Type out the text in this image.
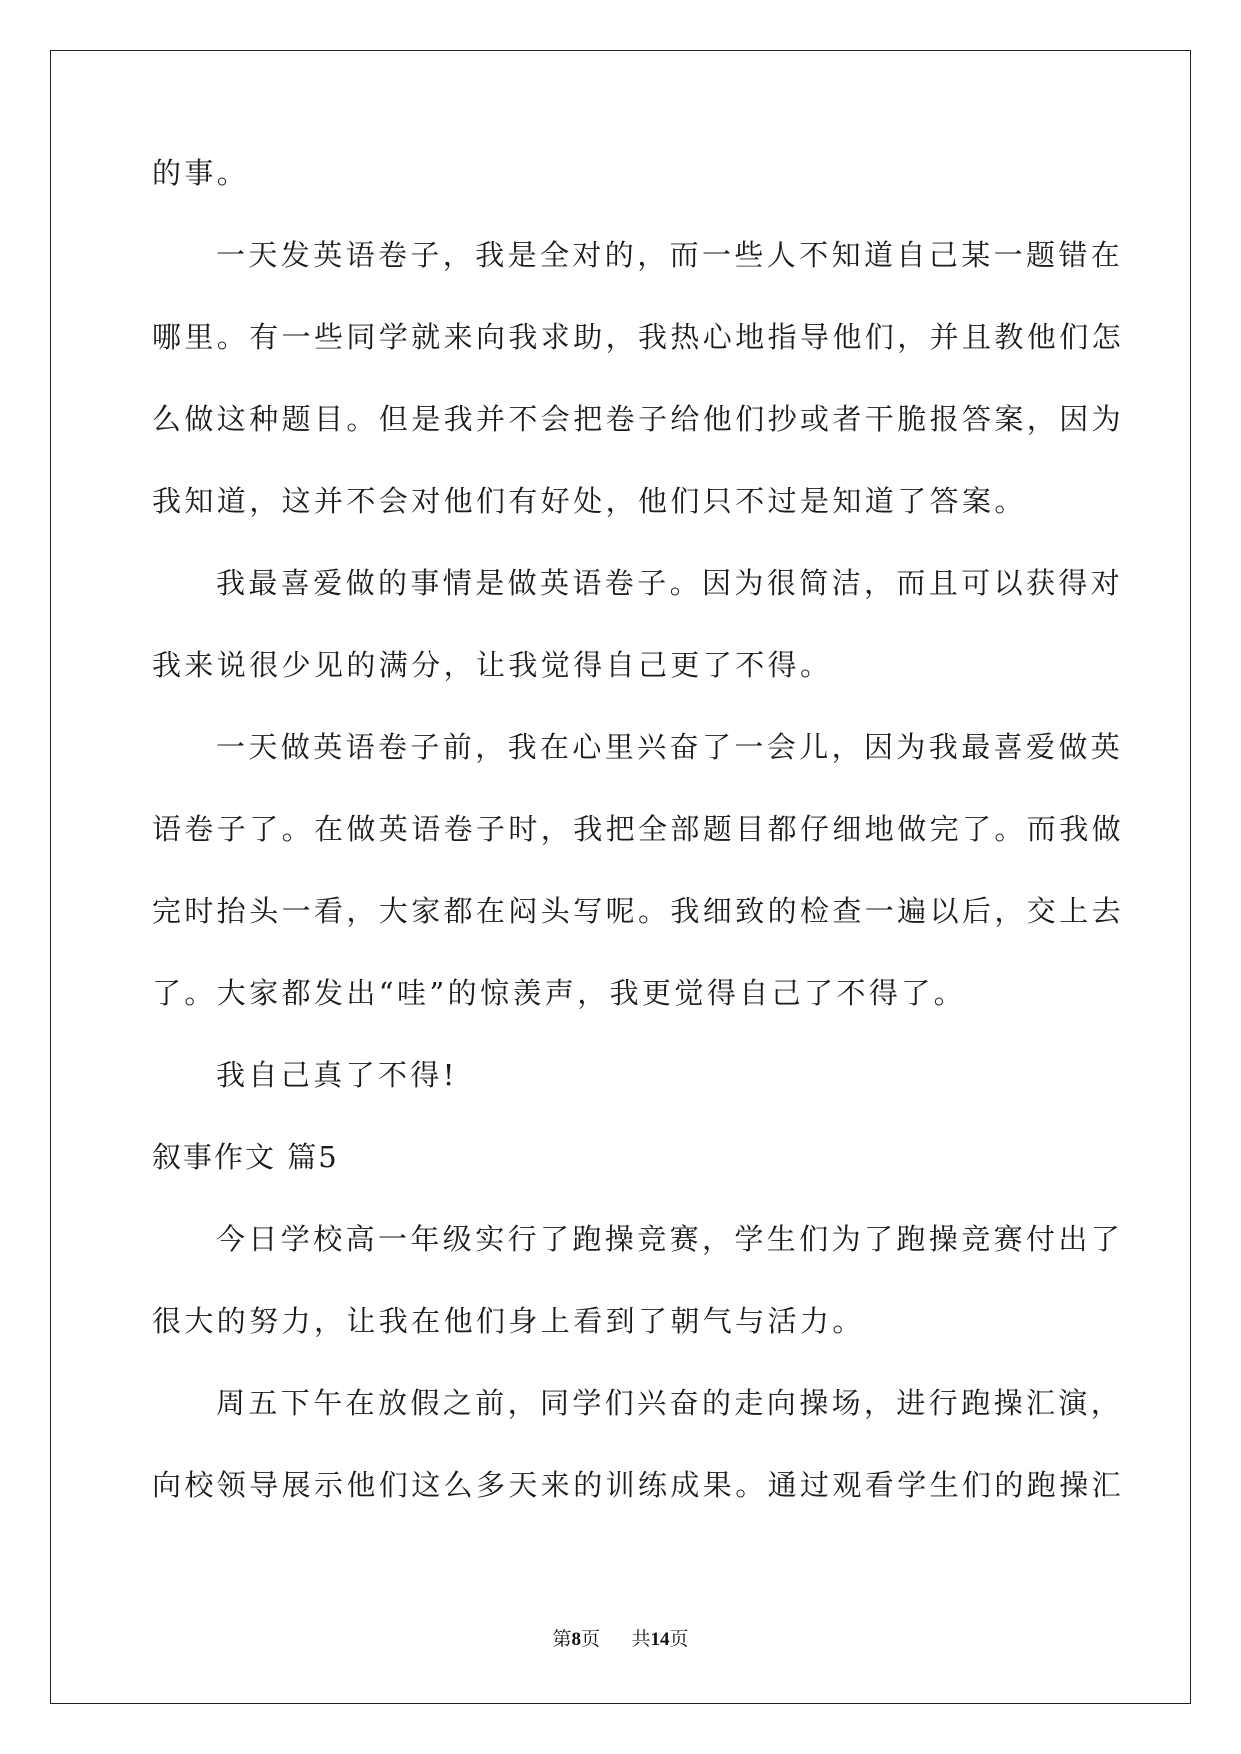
的事。
一天发英语卷子，我是全对的，而一些人不知道自己某一题错在
哪里。有一些同学就来向我求助，我热心地指导他们，并且教他们怎
么做这种题目。但是我并不会把卷子给他们抄或者干脆报答案，因为
我知道，这并不会对他们有好处，他们只不过是知道了答案。
我最喜爱做的事情是做英语卷子。因为很简洁，而且可以获得对
我来说很少见的满分，让我觉得自己更了不得。
一天做英语卷子前，我在心里兴奋了一会儿，因为我最喜爱做英
语卷子了。在做英语卷子时，我把全部题目都仔细地做完了。而我做
完时抬头一看，大家都在闷头写呢。我细致的检查一遍以后，交上去
了。大家都发出“哇”的惊羡声，我更觉得自己了不得了。
我自己真了不得!
叙事作文 篇5
今日学校高一年级实行了跑操竞赛，学生们为了跑操竞赛付出了
很大的努力，让我在他们身上看到了朝气与活力。
周五下午在放假之前，同学们兴奋的走向操场，进行跑操汇演，
向校领导展示他们这么多天来的训练成果。通过观看学生们的跑操汇
第8页 共14页
